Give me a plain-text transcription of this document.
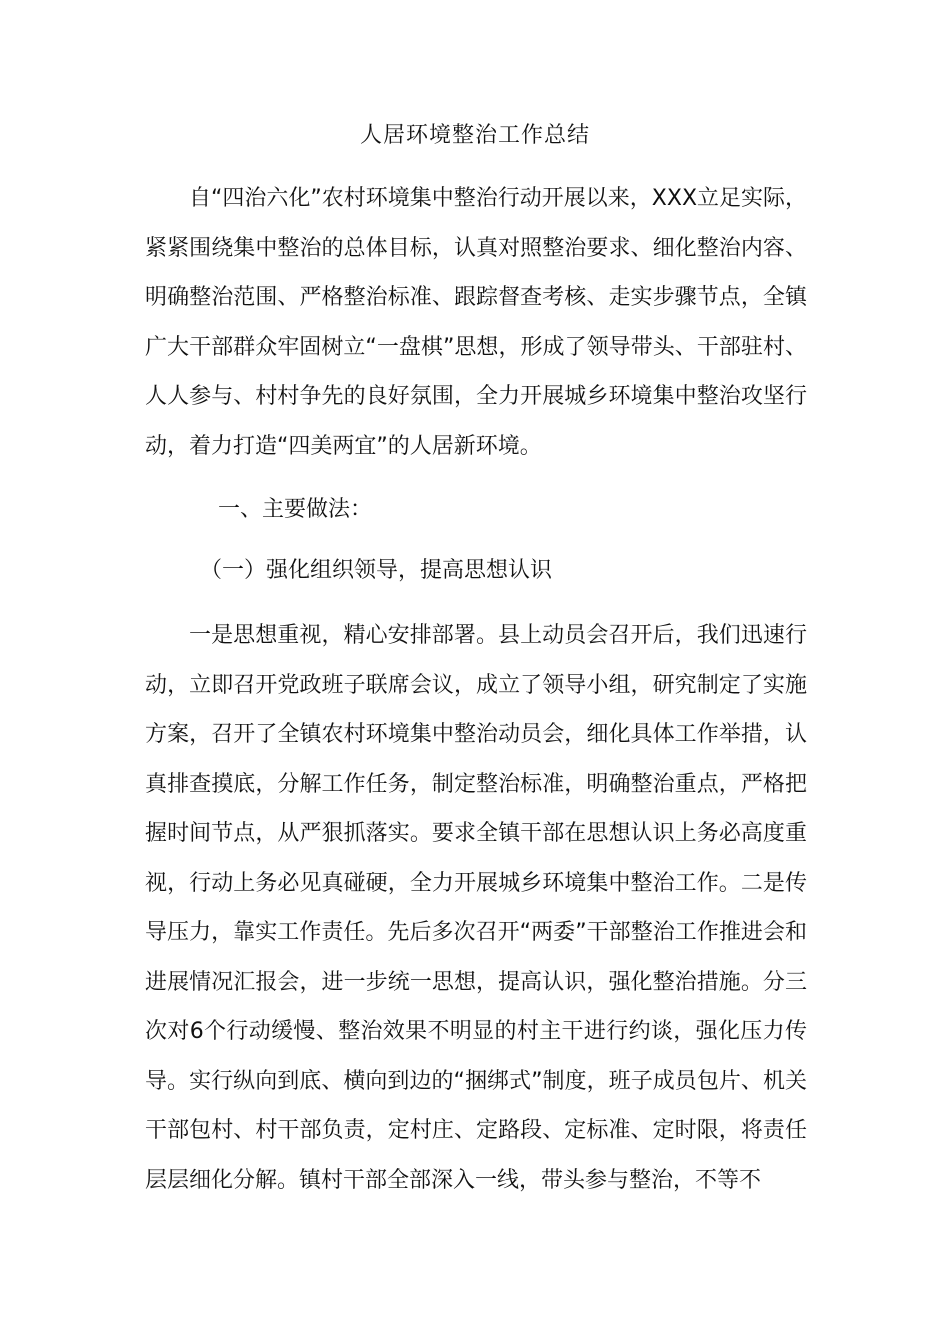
人居环境整治工作总结

自“四治六化”农村环境集中整治行动开展以来，XXX立足实际，紧紧围绕集中整治的总体目标，认真对照整治要求、细化整治内容、明确整治范围、严格整治标准、跟踪督查考核、走实步骤节点，全镇广大干部群众牢固树立“一盘棋”思想，形成了领导带头、干部驻村、人人参与、村村争先的良好氛围，全力开展城乡环境集中整治攻坚行动，着力打造“四美两宜”的人居新环境。

一、主要做法：
（一）强化组织领导，提高思想认识

一是思想重视，精心安排部署。县上动员会召开后，我们迅速行动，立即召开党政班子联席会议，成立了领导小组，研究制定了实施方案，召开了全镇农村环境集中整治动员会，细化具体工作举措，认真排查摸底，分解工作任务，制定整治标准，明确整治重点，严格把握时间节点，从严狠抓落实。要求全镇干部在思想认识上务必高度重视，行动上务必见真碰硬，全力开展城乡环境集中整治工作。二是传导压力，靠实工作责任。先后多次召开“两委”干部整治工作推进会和进展情况汇报会，进一步统一思想，提高认识，强化整治措施。分三次对6个行动缓慢、整治效果不明显的村主干进行约谈，强化压力传导。实行纵向到底、横向到边的“捆绑式”制度，班子成员包片、机关干部包村、村干部负责，定村庄、定路段、定标准、定时限，将责任层层细化分解。镇村干部全部深入一线，带头参与整治，不等不
